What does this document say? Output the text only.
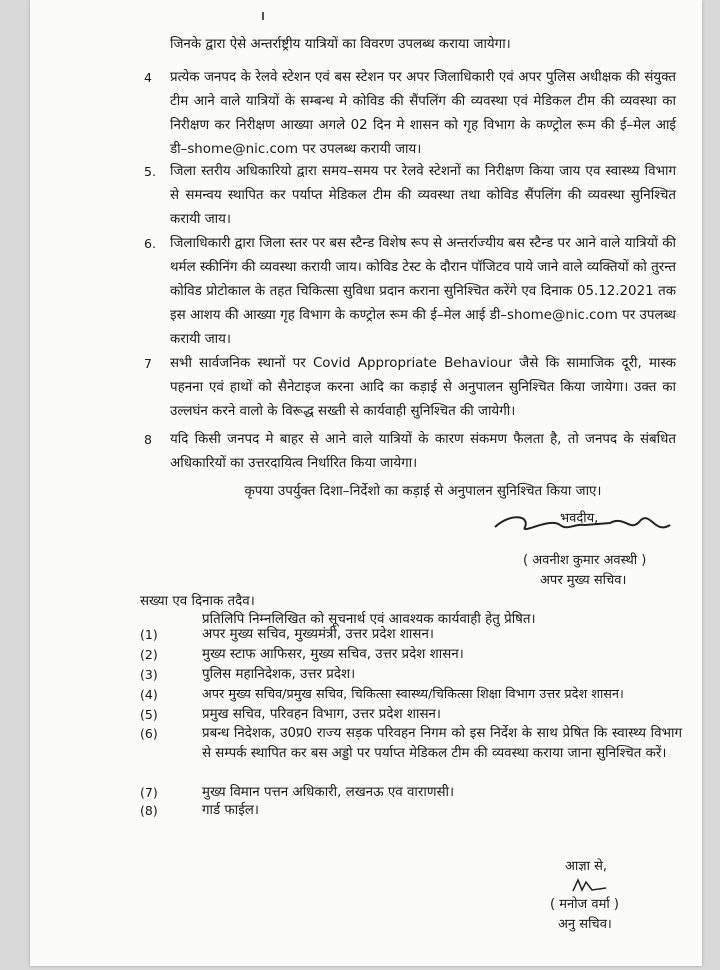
जिनके द्वारा ऐसे अन्तर्राष्ट्रीय यात्रियों का विवरण उपलब्ध कराया जायेगा।
4 प्रत्येक जनपद के रेलवे स्टेशन एवं बस स्टेशन पर अपर जिलाधिकारी एवं अपर पुलिस अधीक्षक की संयुक्त टीम आने वाले यात्रियों के सम्बन्ध मे कोविड की सैंपलिंग की व्यवस्था एवं मेडिकल टीम की व्यवस्था का निरीक्षण कर निरीक्षण आख्या अगले 02 दिन मे शासन को गृह विभाग के कण्ट्रोल रूम की ई–मेल आई डी–shome@nic.com पर उपलब्ध करायी जाय।
5. जिला स्तरीय अधिकारियो द्वारा समय–समय पर रेलवे स्टेशनों का निरीक्षण किया जाय एव स्वास्थ्य विभाग से समन्वय स्थापित कर पर्याप्त मेडिकल टीम की व्यवस्था तथा कोविड सैंपलिंग की व्यवस्था सुनिश्चित करायी जाय।
6. जिलाधिकारी द्वारा जिला स्तर पर बस स्टैन्ड विशेष रूप से अन्तर्राज्यीय बस स्टैन्ड पर आने वाले यात्रियों की थर्मल स्कीनिंग की व्यवस्था करायी जाय। कोविड टेस्ट के दौरान पॉजिटव पाये जाने वाले व्यक्तियों को तुरन्त कोविड प्रोटोकाल के तहत चिकित्सा सुविधा प्रदान कराना सुनिश्चित करेंगे एव दिनाक 05.12.2021 तक इस आशय की आख्या गृह विभाग के कण्ट्रोल रूम की ई–मेल आई डी–shome@nic.com पर उपलब्ध करायी जाय।
7 सभी सार्वजनिक स्थानों पर Covid Appropriate Behaviour जैसे कि सामाजिक दूरी, मास्क पहनना एवं हाथों को सैनेटाइज करना आदि का कड़ाई से अनुपालन सुनिश्चित किया जायेगा। उक्त का उल्लघंन करने वालो के विरूद्ध सख्ती से कार्यवाही सुनिश्चित की जायेगी।
8 यदि किसी जनपद मे बाहर से आने वाले यात्रियों के कारण संकमण फैलता है, तो जनपद के संबधित अधिकारियों का उत्तरदायित्व निर्धारित किया जायेगा।
कृपया उपर्युक्त दिशा–निर्देशो का कड़ाई से अनुपालन सुनिश्चित किया जाए।
भवदीय,
( अवनीश कुमार अवस्थी )
अपर मुख्य सचिव।
सख्या एव दिनाक तदैव।
प्रतिलिपि निम्नलिखित को सूचनार्थ एवं आवश्यक कार्यवाही हेतु प्रेषित।
(1)	अपर मुख्य सचिव, मुख्यमंत्री, उत्तर प्रदेश शासन।
(2)	मुख्य स्टाफ आफिसर, मुख्य सचिव, उत्तर प्रदेश शासन।
(3)	पुलिस महानिदेशक, उत्तर प्रदेश।
(4)	अपर मुख्य सचिव/प्रमुख सचिव, चिकित्सा स्वास्थ्य/चिकित्सा शिक्षा विभाग उत्तर प्रदेश शासन।
(5)	प्रमुख सचिव, परिवहन विभाग, उत्तर प्रदेश शासन।
(6)	प्रबन्ध निदेशक, उ0प्र0 राज्य सड़क परिवहन निगम को इस निर्देश के साथ प्रेषित कि स्वास्थ्य विभाग से सम्पर्क स्थापित कर बस अड्डो पर पर्याप्त मेडिकल टीम की व्यवस्था कराया जाना सुनिश्चित करें।
(7)	मुख्य विमान पत्तन अधिकारी, लखनऊ एव वाराणसी।
(8)	गार्ड फाईल।
आज्ञा से,
( मनोज वर्मा )
अनु सचिव।
